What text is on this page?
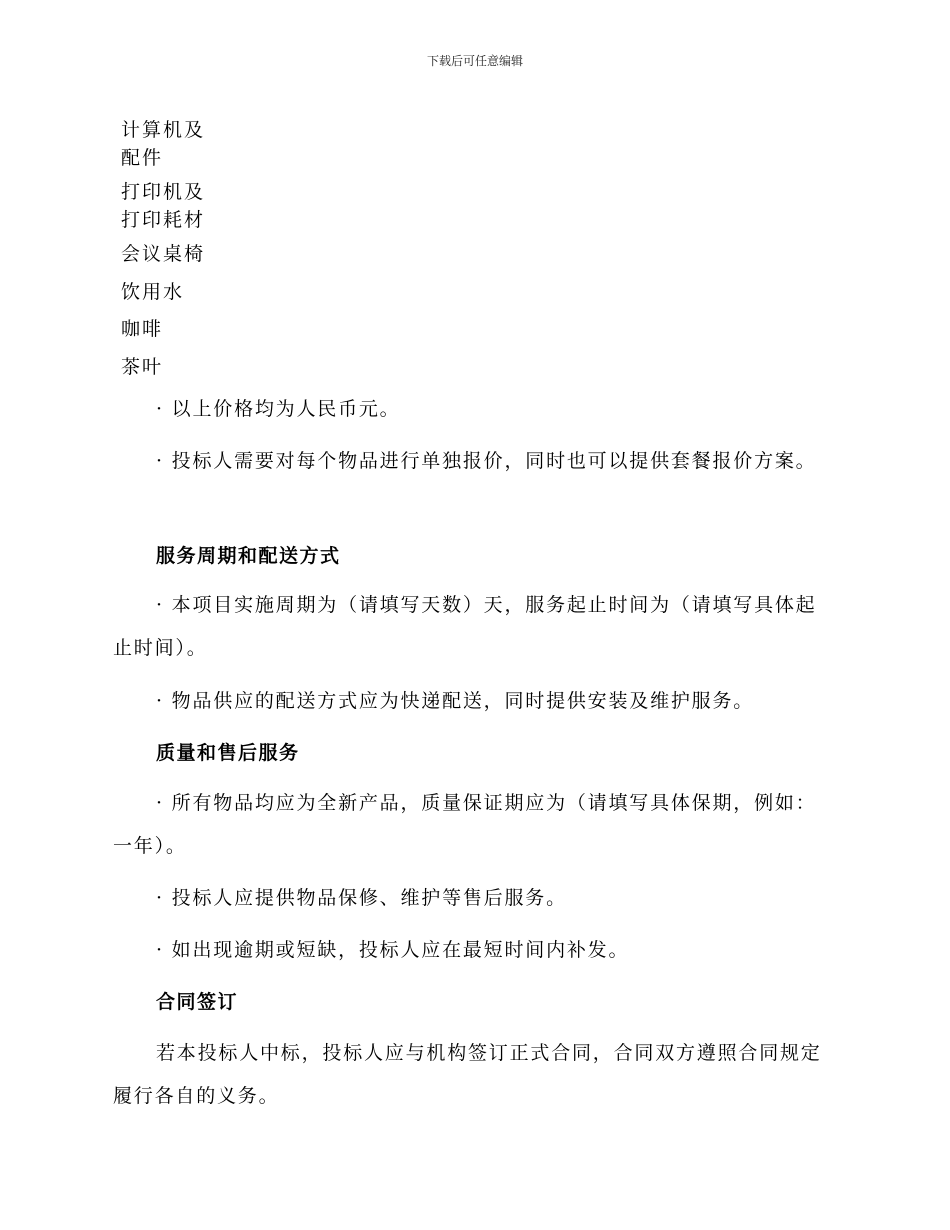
下载后可任意编辑
计算机及
配件
打印机及
打印耗材
会议桌椅
饮用水
咖啡
茶叶
· 以上价格均为人民币元。
· 投标人需要对每个物品进行单独报价，同时也可以提供套餐报价方案。
服务周期和配送方式
· 本项目实施周期为（请填写天数）天，服务起止时间为（请填写具体起止时间）。
· 物品供应的配送方式应为快递配送，同时提供安装及维护服务。
质量和售后服务
· 所有物品均应为全新产品，质量保证期应为（请填写具体保期，例如：一年）。
· 投标人应提供物品保修、维护等售后服务。
· 如出现逾期或短缺，投标人应在最短时间内补发。
合同签订
若本投标人中标，投标人应与机构签订正式合同，合同双方遵照合同规定履行各自的义务。
